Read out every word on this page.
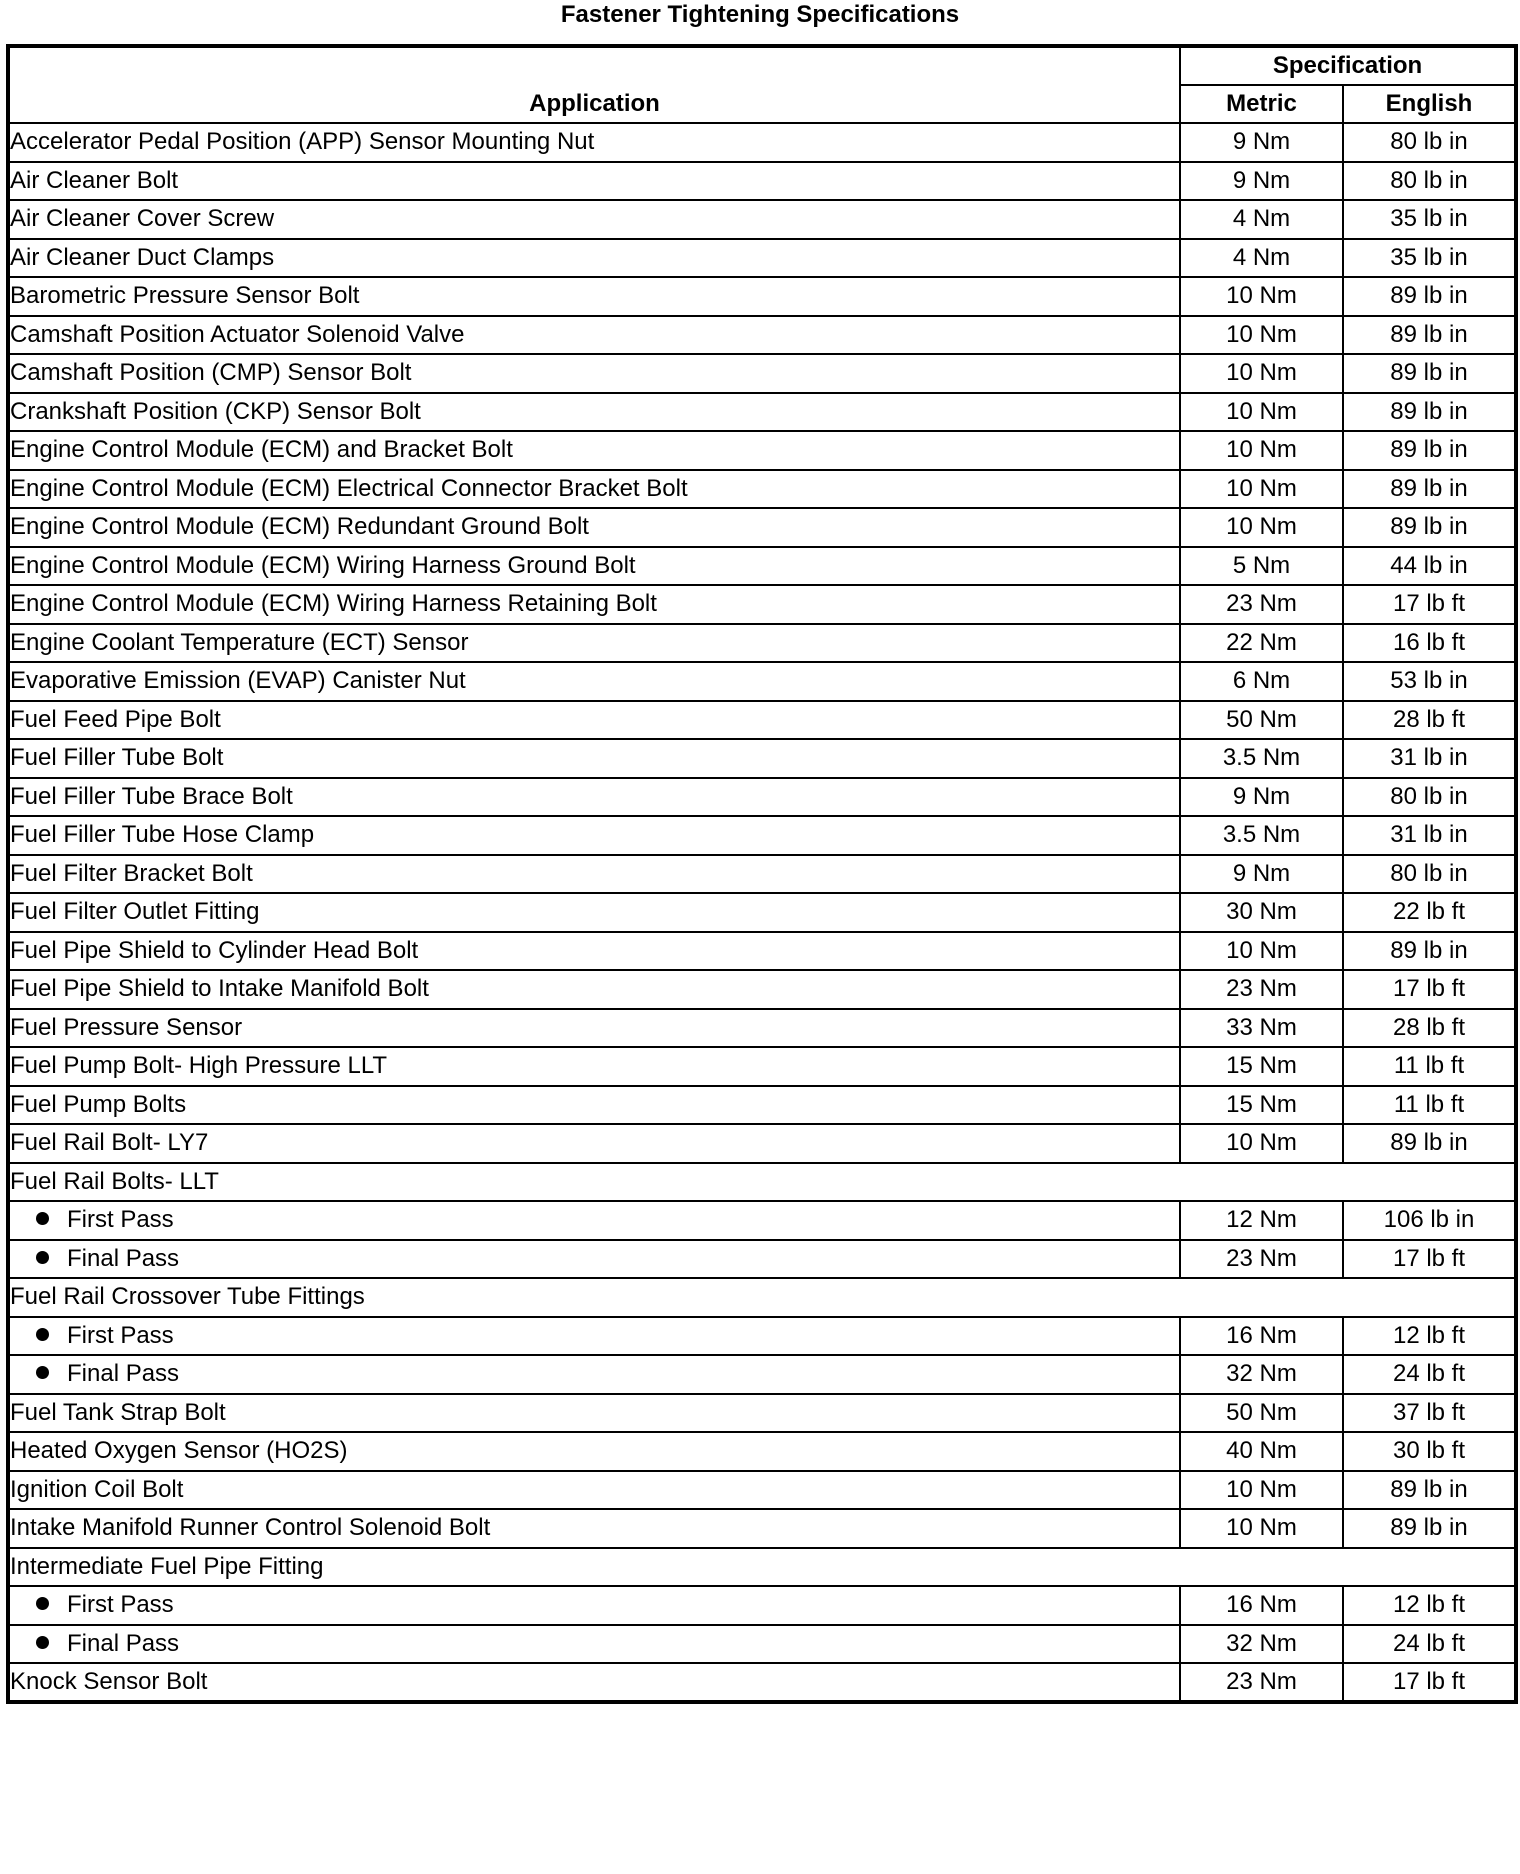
Fastener Tightening Specifications
Application	Specification	
	Metric	English
Accelerator Pedal Position (APP) Sensor Mounting Nut	9 Nm	80 lb in
Air Cleaner Bolt	9 Nm	80 lb in
Air Cleaner Cover Screw	4 Nm	35 lb in
Air Cleaner Duct Clamps	4 Nm	35 lb in
Barometric Pressure Sensor Bolt	10 Nm	89 lb in
Camshaft Position Actuator Solenoid Valve	10 Nm	89 lb in
Camshaft Position (CMP) Sensor Bolt	10 Nm	89 lb in
Crankshaft Position (CKP) Sensor Bolt	10 Nm	89 lb in
Engine Control Module (ECM) and Bracket Bolt	10 Nm	89 lb in
Engine Control Module (ECM) Electrical Connector Bracket Bolt	10 Nm	89 lb in
Engine Control Module (ECM) Redundant Ground Bolt	10 Nm	89 lb in
Engine Control Module (ECM) Wiring Harness Ground Bolt	5 Nm	44 lb in
Engine Control Module (ECM) Wiring Harness Retaining Bolt	23 Nm	17 lb ft
Engine Coolant Temperature (ECT) Sensor	22 Nm	16 lb ft
Evaporative Emission (EVAP) Canister Nut	6 Nm	53 lb in
Fuel Feed Pipe Bolt	50 Nm	28 lb ft
Fuel Filler Tube Bolt	3.5 Nm	31 lb in
Fuel Filler Tube Brace Bolt	9 Nm	80 lb in
Fuel Filler Tube Hose Clamp	3.5 Nm	31 lb in
Fuel Filter Bracket Bolt	9 Nm	80 lb in
Fuel Filter Outlet Fitting	30 Nm	22 lb ft
Fuel Pipe Shield to Cylinder Head Bolt	10 Nm	89 lb in
Fuel Pipe Shield to Intake Manifold Bolt	23 Nm	17 lb ft
Fuel Pressure Sensor	33 Nm	28 lb ft
Fuel Pump Bolt- High Pressure LLT	15 Nm	11 lb ft
Fuel Pump Bolts	15 Nm	11 lb ft
Fuel Rail Bolt- LY7	10 Nm	89 lb in
Fuel Rail Bolts- LLT		
First Pass	12 Nm	106 lb in
Final Pass	23 Nm	17 lb ft
Fuel Rail Crossover Tube Fittings		
First Pass	16 Nm	12 lb ft
Final Pass	32 Nm	24 lb ft
Fuel Tank Strap Bolt	50 Nm	37 lb ft
Heated Oxygen Sensor (HO2S)	40 Nm	30 lb ft
Ignition Coil Bolt	10 Nm	89 lb in
Intake Manifold Runner Control Solenoid Bolt	10 Nm	89 lb in
Intermediate Fuel Pipe Fitting		
First Pass	16 Nm	12 lb ft
Final Pass	32 Nm	24 lb ft
Knock Sensor Bolt	23 Nm	17 lb ft
